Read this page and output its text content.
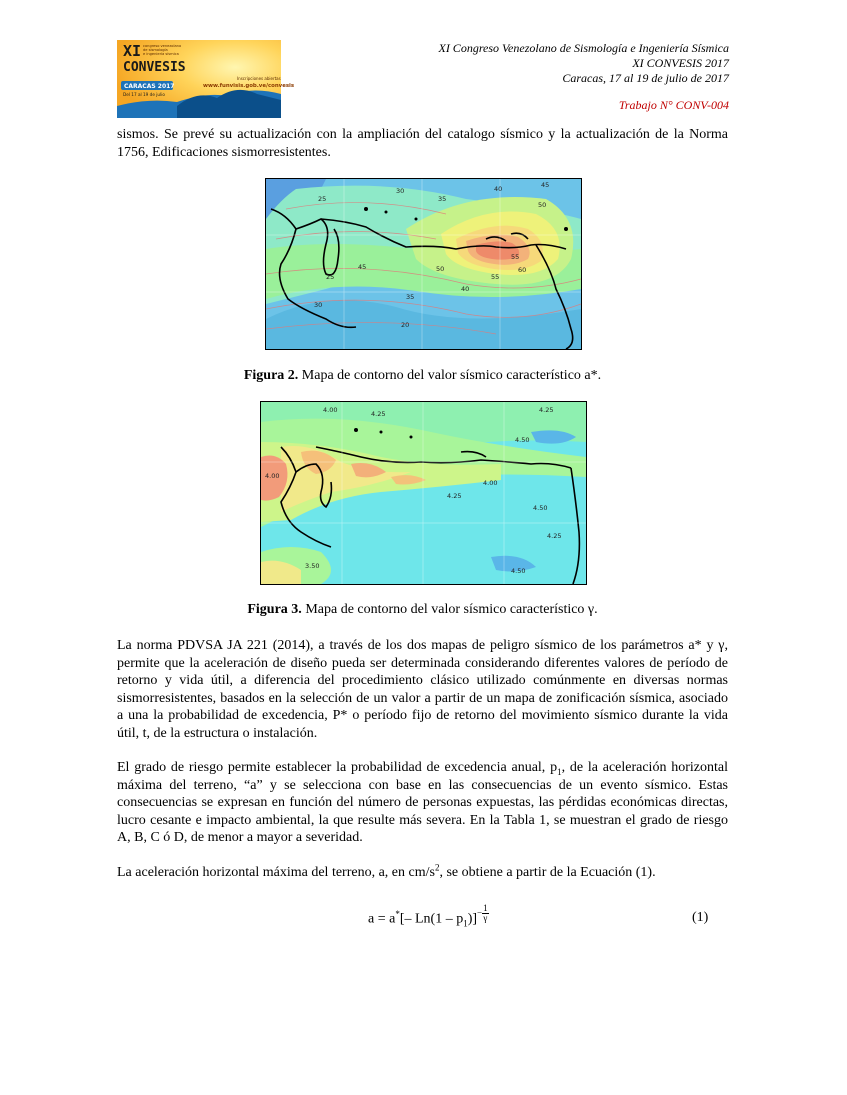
XI
CONVESIS
congreso venezolano
de sismología
e ingeniería sísmica
CARACAS 2017
Del 17 al 19 de julio
Inscripciones abiertas
www.funvisis.gob.ve/convesis
XI Congreso Venezolano de Sismología e Ingeniería Sísmica
XI CONVESIS 2017
Caracas, 17 al 19 de julio de 2017
Trabajo N° CONV-004
sismos. Se prevé su actualización con la ampliación del catalogo sísmico y la actualización de la Norma 1756, Edificaciones sismorresistentes.
25
30
35
40	45
50
55
60
20
25
30
35
40
45	50
55
Figura 2. Mapa de contorno del valor sísmico característico a*.
4.00	4.25	4.25
4.50
4.00
4.25
4.50
3.50
4.25
4.50
4.00
Figura 3. Mapa de contorno del valor sísmico característico γ.
La norma PDVSA JA 221 (2014), a través de los dos mapas de peligro sísmico de los parámetros a* y γ, permite que la aceleración de diseño pueda ser determinada considerando diferentes valores de período de retorno y vida útil, a diferencia del procedimiento clásico utilizado comúnmente en diversas normas sismorresistentes, basados en la selección de un valor a partir de un mapa de zonificación sísmica, asociado a una la probabilidad de excedencia, P* o período fijo de retorno del movimiento sísmico durante la vida útil, t, de la estructura o instalación.
El grado de riesgo permite establecer la probabilidad de excedencia anual, $p_1$, de la aceleración horizontal máxima del terreno, “a” y se selecciona con base en las consecuencias de un evento sísmico. Estas consecuencias se expresan en función del número de personas expuestas, las pérdidas económicas directas, lucro cesante e impacto ambiental, la que resulte más severa. En la Tabla 1, se muestran el grado de riesgo A, B, C ó D, de menor a mayor a severidad.
La aceleración horizontal máxima del terreno, a, en $cm/s^2$, se obtiene a partir de la Ecuación (1).
a = a*[– $Ln(1 - p_1)]- \frac{1}{\gamma}$	(1)
